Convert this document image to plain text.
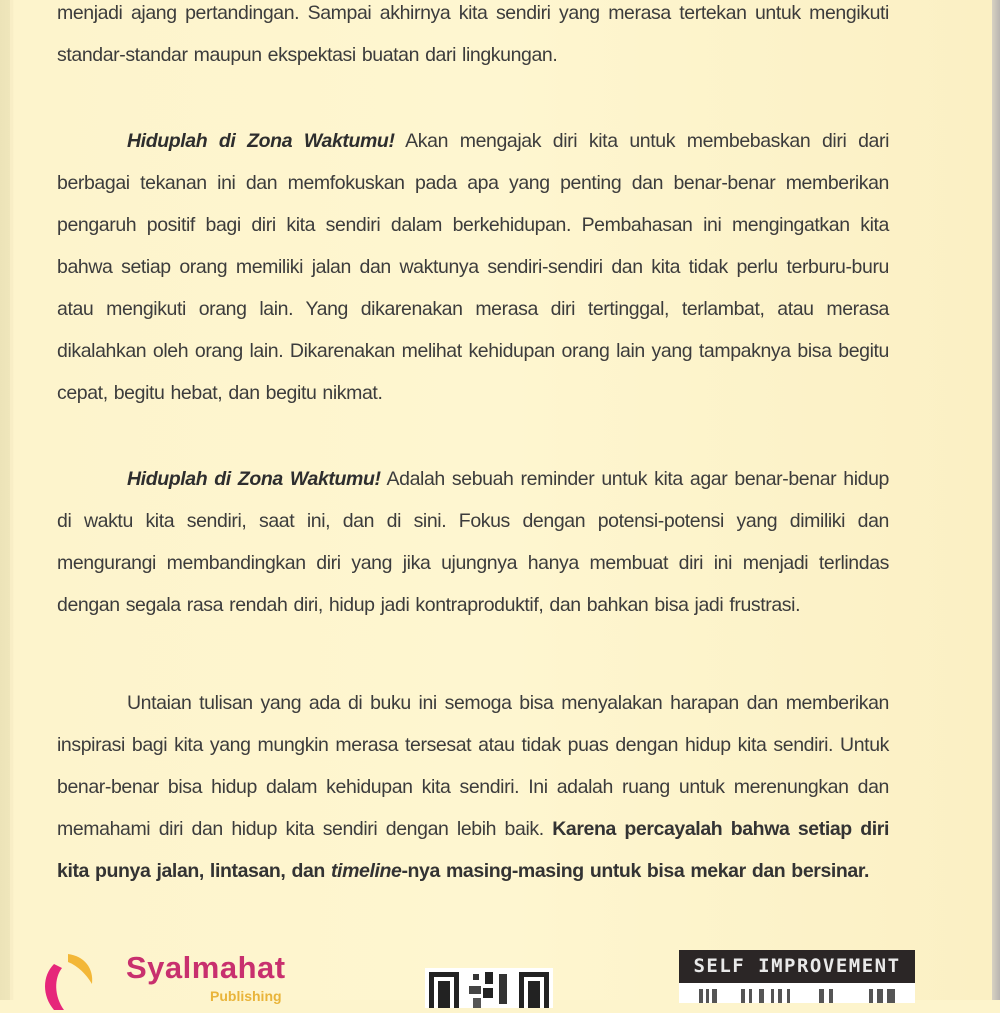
menjadi ajang pertandingan. Sampai akhirnya kita sendiri yang merasa tertekan untuk mengikuti standar-standar maupun ekspektasi buatan dari lingkungan.

Hiduplah di Zona Waktumu! Akan mengajak diri kita untuk membebaskan diri dari berbagai tekanan ini dan memfokuskan pada apa yang penting dan benar-benar memberikan pengaruh positif bagi diri kita sendiri dalam berkehidupan. Pembahasan ini mengingatkan kita bahwa setiap orang memiliki jalan dan waktunya sendiri-sendiri dan kita tidak perlu terburu-buru atau mengikuti orang lain. Yang dikarenakan merasa diri tertinggal, terlambat, atau merasa dikalahkan oleh orang lain. Dikarenakan melihat kehidupan orang lain yang tampaknya bisa begitu cepat, begitu hebat, dan begitu nikmat.

Hiduplah di Zona Waktumu! Adalah sebuah reminder untuk kita agar benar-benar hidup di waktu kita sendiri, saat ini, dan di sini. Fokus dengan potensi-potensi yang dimiliki dan mengurangi membandingkan diri yang jika ujungnya hanya membuat diri ini menjadi terlindas dengan segala rasa rendah diri, hidup jadi kontraproduktif, dan bahkan bisa jadi frustrasi.

Untaian tulisan yang ada di buku ini semoga bisa menyalakan harapan dan memberikan inspirasi bagi kita yang mungkin merasa tersesat atau tidak puas dengan hidup kita sendiri. Untuk benar-benar bisa hidup dalam kehidupan kita sendiri. Ini adalah ruang untuk merenungkan dan memahami diri dan hidup kita sendiri dengan lebih baik. Karena percayalah bahwa setiap diri kita punya jalan, lintasan, dan timeline-nya masing-masing untuk bisa mekar dan bersinar.

Syalmahat
Publishing
SELF IMPROVEMENT
